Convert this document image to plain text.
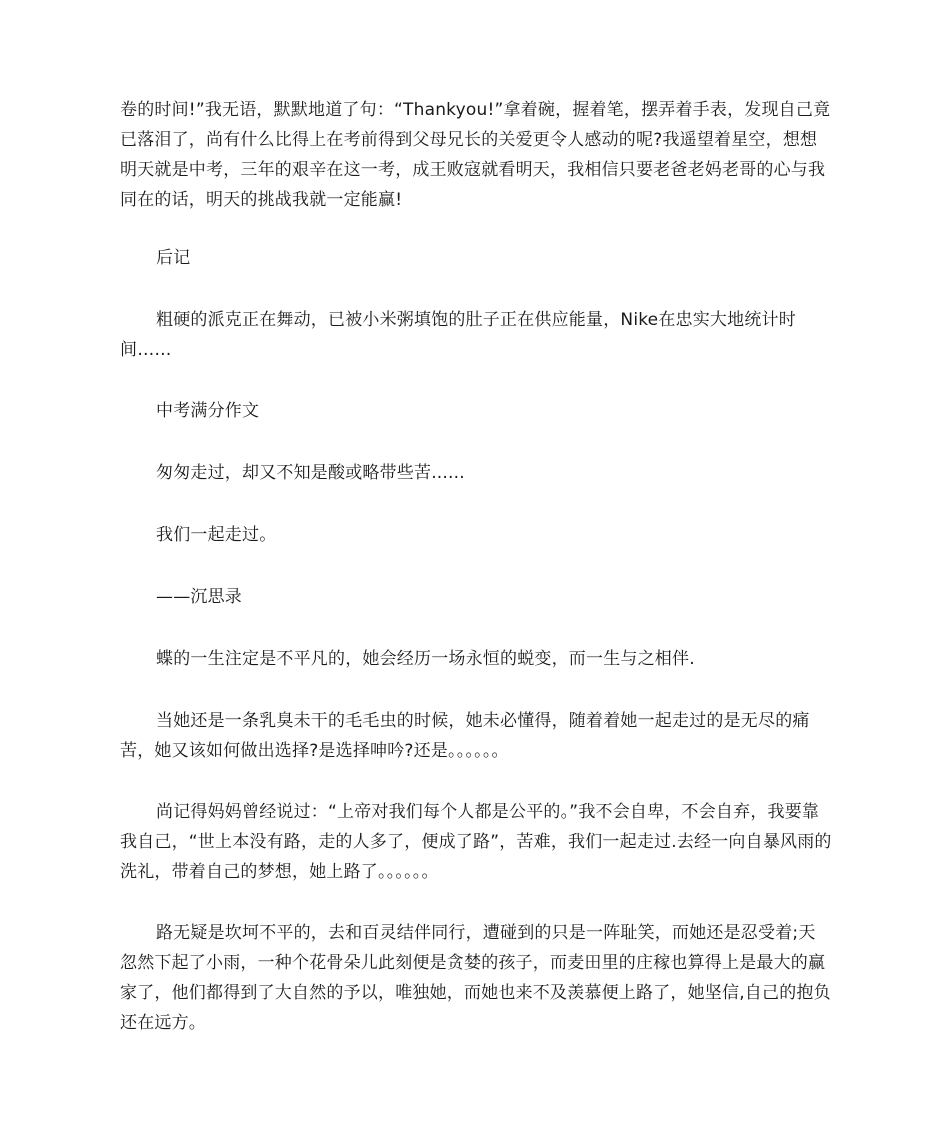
卷的时间!”我无语，默默地道了句：“Thankyou!”拿着碗，握着笔，摆弄着手表，发现自己竟已落泪了，尚有什么比得上在考前得到父母兄长的关爱更令人感动的呢?我遥望着星空，想想明天就是中考，三年的艰辛在这一考，成王败寇就看明天，我相信只要老爸老妈老哥的心与我同在的话，明天的挑战我就一定能赢!

后记

粗硬的派克正在舞动，已被小米粥填饱的肚子正在供应能量，Nike在忠实大地统计时间……

中考满分作文

匆匆走过，却又不知是酸或略带些苦......

我们一起走过。

——沉思录

蝶的一生注定是不平凡的，她会经历一场永恒的蜕变，而一生与之相伴.

当她还是一条乳臭未干的毛毛虫的时候，她未必懂得，随着着她一起走过的是无尽的痛苦，她又该如何做出选择?是选择呻吟?还是。。。。。。

尚记得妈妈曾经说过：“上帝对我们每个人都是公平的。”我不会自卑，不会自弃，我要靠我自己，“世上本没有路，走的人多了，便成了路”，苦难，我们一起走过.去经一向自暴风雨的洗礼，带着自己的梦想，她上路了。。。。。。

路无疑是坎坷不平的，去和百灵结伴同行，遭碰到的只是一阵耻笑，而她还是忍受着;天忽然下起了小雨，一种个花骨朵儿此刻便是贪婪的孩子，而麦田里的庄稼也算得上是最大的赢家了，他们都得到了大自然的予以，唯独她，而她也来不及羡慕便上路了，她坚信,自己的抱负还在远方。
